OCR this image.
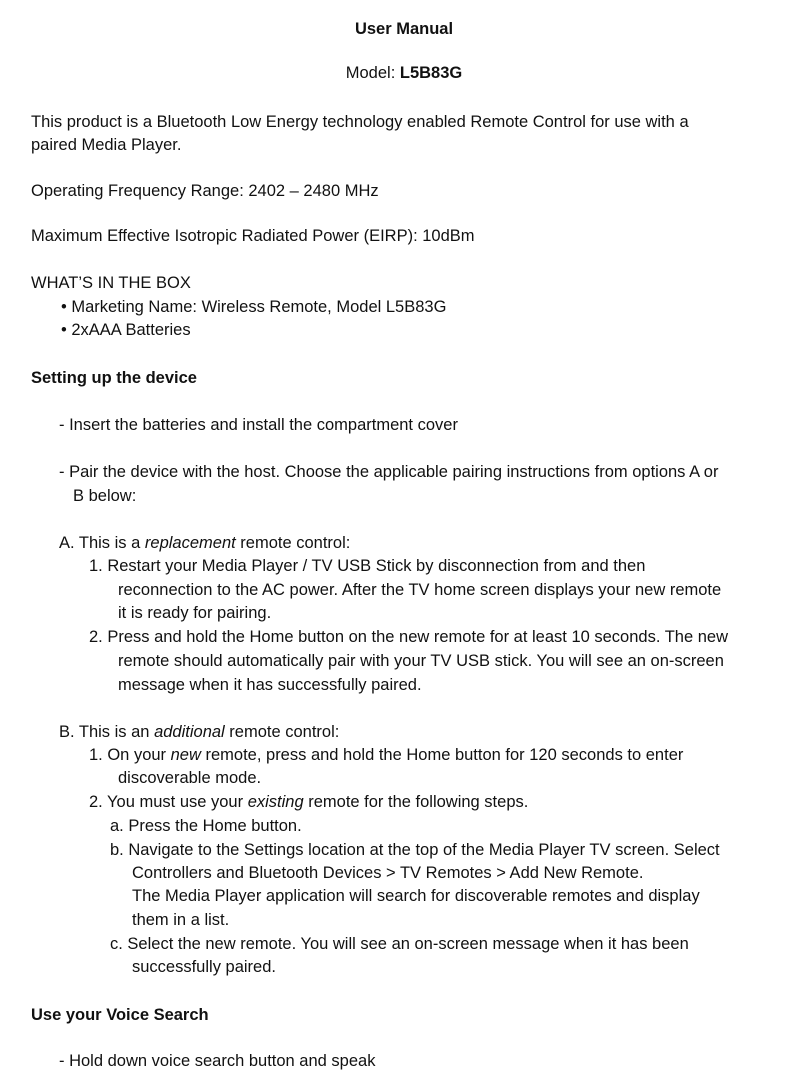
User Manual
Model: L5B83G
This product is a Bluetooth Low Energy technology enabled Remote Control for use with a
paired Media Player.
Operating Frequency Range: 2402 – 2480 MHz
Maximum Effective Isotropic Radiated Power (EIRP): 10dBm
WHAT’S IN THE BOX
• Marketing Name: Wireless Remote, Model L5B83G
• 2xAAA Batteries
Setting up the device
- Insert the batteries and install the compartment cover
- Pair the device with the host. Choose the applicable pairing instructions from options A or
B below:
A. This is a replacement remote control:
1. Restart your Media Player / TV USB Stick by disconnection from and then
reconnection to the AC power. After the TV home screen displays your new remote
it is ready for pairing.
2. Press and hold the Home button on the new remote for at least 10 seconds. The new
remote should automatically pair with your TV USB stick. You will see an on-screen
message when it has successfully paired.
B. This is an additional remote control:
1. On your new remote, press and hold the Home button for 120 seconds to enter
discoverable mode.
2. You must use your existing remote for the following steps.
a. Press the Home button.
b. Navigate to the Settings location at the top of the Media Player TV screen. Select
Controllers and Bluetooth Devices > TV Remotes > Add New Remote.
The Media Player application will search for discoverable remotes and display
them in a list.
c. Select the new remote. You will see an on-screen message when it has been
successfully paired.
Use your Voice Search
- Hold down voice search button and speak
